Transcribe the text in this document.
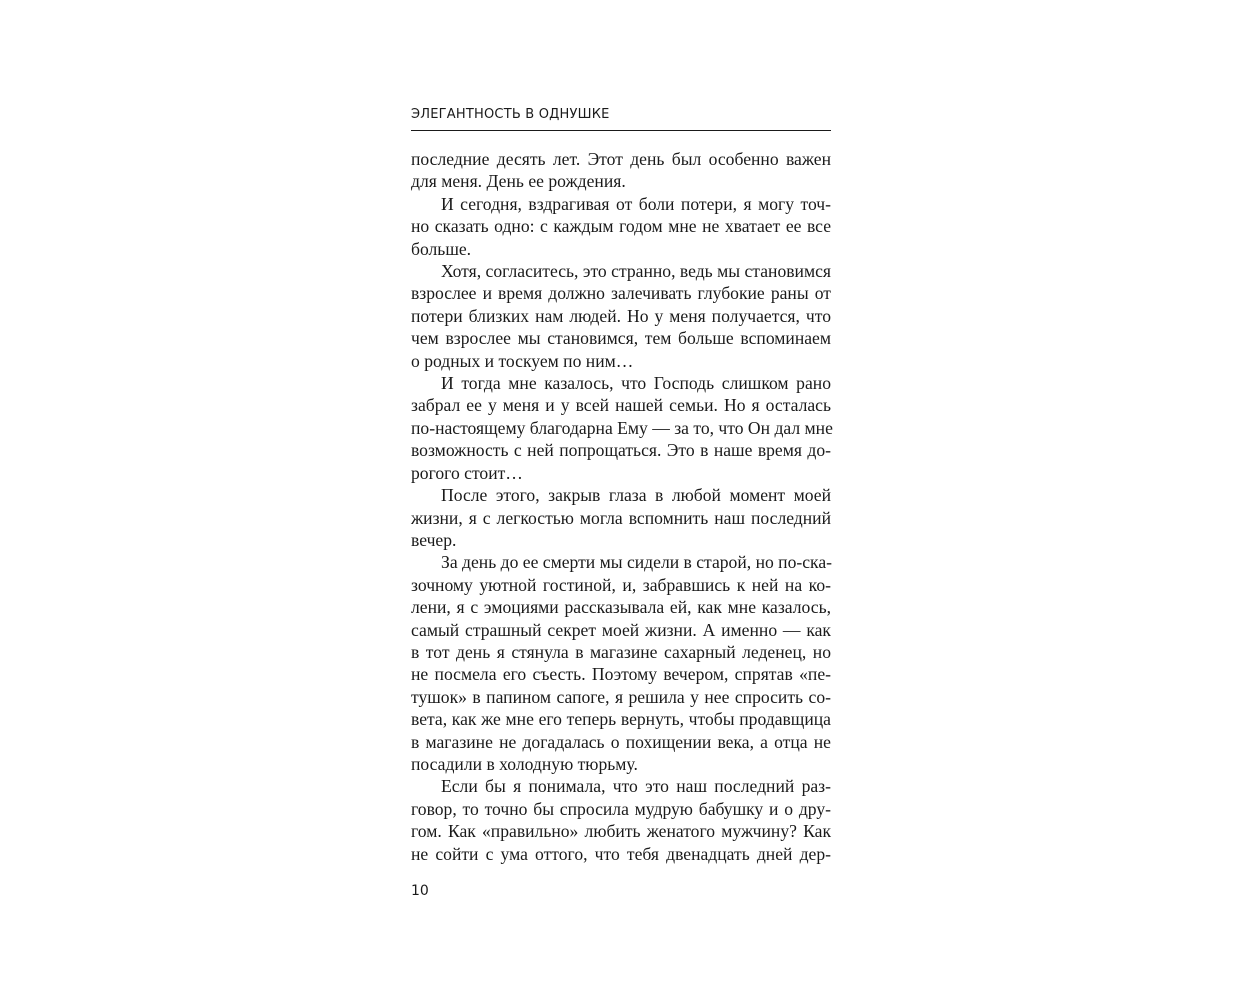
ЭЛЕГАНТНОСТЬ В ОДНУШКЕ
последние десять лет. Этот день был особенно важен
для меня. День ее рождения.
И сегодня, вздрагивая от боли потери, я могу точ-
но сказать одно: с каждым годом мне не хватает ее все
больше.
Хотя, согласитесь, это странно, ведь мы становимся
взрослее и время должно залечивать глубокие раны от
потери близких нам людей. Но у меня получается, что
чем взрослее мы становимся, тем больше вспоминаем
о родных и тоскуем по ним…
И тогда мне казалось, что Господь слишком рано
забрал ее у меня и у всей нашей семьи. Но я осталась
по-настоящему благодарна Ему — за то, что Он дал мне
возможность с ней попрощаться. Это в наше время до-
рогого стоит…
После этого, закрыв глаза в любой момент моей
жизни, я с легкостью могла вспомнить наш последний
вечер.
За день до ее смерти мы сидели в старой, но по-ска-
зочному уютной гостиной, и, забравшись к ней на ко-
лени, я с эмоциями рассказывала ей, как мне казалось,
самый страшный секрет моей жизни. А именно — как
в тот день я стянула в магазине сахарный леденец, но
не посмела его съесть. Поэтому вечером, спрятав «пе-
тушок» в папином сапоге, я решила у нее спросить со-
вета, как же мне его теперь вернуть, чтобы продавщица
в магазине не догадалась о похищении века, а отца не
посадили в холодную тюрьму.
Если бы я понимала, что это наш последний раз-
говор, то точно бы спросила мудрую бабушку и о дру-
гом. Как «правильно» любить женатого мужчину? Как
не сойти с ума оттого, что тебя двенадцать дней дер-
10
